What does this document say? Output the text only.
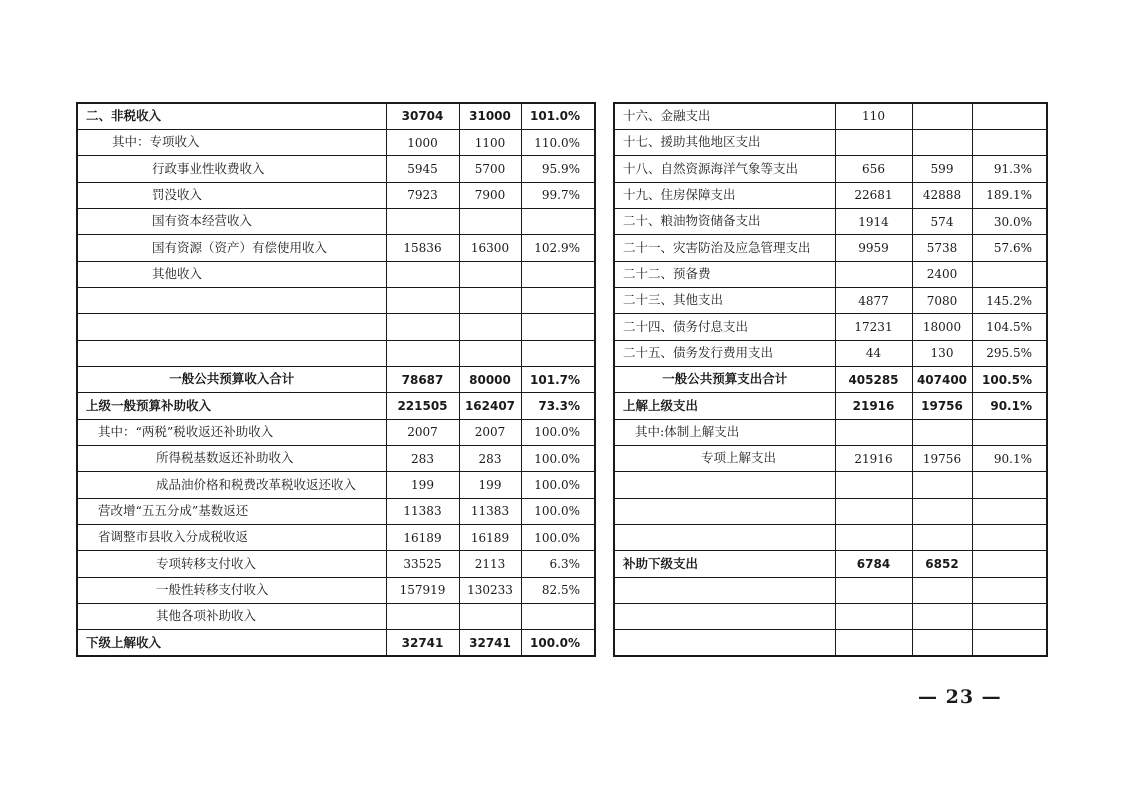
二、非税收入	30704	31000	101.0%
其中：专项收入	1000	1100	110.0%
行政事业性收费收入	5945	5700	95.9%
罚没收入	7923	7900	99.7%
国有资本经营收入			
国有资源（资产）有偿使用收入	15836	16300	102.9%
其他收入			

一般公共预算收入合计	78687	80000	101.7%
上级一般预算补助收入	221505	162407	73.3%
其中：“两税”税收返还补助收入	2007	2007	100.0%
所得税基数返还补助收入	283	283	100.0%
成品油价格和税费改革税收返还收入	199	199	100.0%
营改增“五五分成”基数返还	11383	11383	100.0%
省调整市县收入分成税收返	16189	16189	100.0%
专项转移支付收入	33525	2113	6.3%
一般性转移支付收入	157919	130233	82.5%
其他各项补助收入			
下级上解收入	32741	32741	100.0%
十六、金融支出	110		
十七、援助其他地区支出			
十八、自然资源海洋气象等支出	656	599	91.3%
十九、住房保障支出	22681	42888	189.1%
二十、粮油物资储备支出	1914	574	30.0%
二十一、灾害防治及应急管理支出	9959	5738	57.6%
二十二、预备费		2400	
二十三、其他支出	4877	7080	145.2%
二十四、债务付息支出	17231	18000	104.5%
二十五、债务发行费用支出	44	130	295.5%
一般公共预算支出合计	405285	407400	100.5%
上解上级支出	21916	19756	90.1%
其中:体制上解支出			
专项上解支出	21916	19756	90.1%

补助下级支出	6784	6852	

— 23 —
